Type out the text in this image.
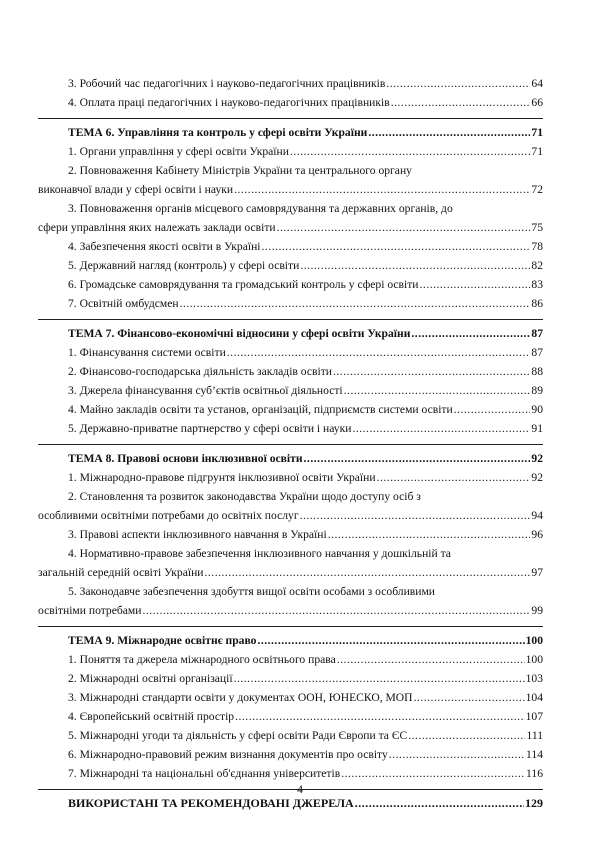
3. Робочий час педагогічних і науково-педагогічних працівників .....	64
4. Оплата праці педагогічних і науково-педагогічних працівників .....	66
ТЕМА 6. Управління та контроль у сфері освіти України .....	71
1. Органи управління у сфері освіти України .....	71
2. Повноваження Кабінету Міністрів України та центрального органу
виконавчої влади у сфері освіти і науки .....	72
3. Повноваження органів місцевого самоврядування та державних органів, до
сфери управління яких належать заклади освіти .....	75
4. Забезпечення якості освіти в Україні .....	78
5. Державний нагляд (контроль) у сфері освіти .....	82
6. Громадське самоврядування та громадський контроль у сфері освіти .....	83
7. Освітній омбудсмен .....	86
ТЕМА 7. Фінансово-економічні відносини у сфері освіти України .....	87
1. Фінансування системи освіти .....	87
2. Фінансово-господарська діяльність закладів освіти .....	88
3. Джерела фінансування суб’єктів освітньої діяльності .....	89
4. Майно закладів освіти та установ, організацій, підприємств системи освіти .....	90
5. Державно-приватне партнерство у сфері освіти і науки .....	91
ТЕМА 8. Правові основи інклюзивної освіти .....	92
1. Міжнародно-правове підгрунтя інклюзивної освіти України .....	92
2. Становлення та розвиток законодавства України щодо доступу осіб з
особливими освітніми потребами до освітніх послуг .....	94
3. Правові аспекти інклюзивного навчання в Україні .....	96
4. Нормативно-правове забезпечення інклюзивного навчання у дошкільній та
загальній середній освіті України .....	97
5. Законодавче забезпечення здобуття вищої освіти особами з особливими
освітніми потребами .....	99
ТЕМА 9. Міжнародне освітнє право .....	100
1. Поняття та джерела міжнародного освітнього права .....	100
2. Міжнародні освітні організації .....	103
3. Міжнародні стандарти освіти у документах ООН, ЮНЕСКО, МОП .....	104
4. Європейський освітній простір .....	107
5. Міжнародні угоди та діяльність у сфері освіти Ради Європи та ЄС .....	111
6. Міжнародно-правовий режим визнання документів про освіту .....	114
7. Міжнародні та національні об'єднання університетів .....	116
ВИКОРИСТАНІ ТА РЕКОМЕНДОВАНІ ДЖЕРЕЛА .....	129
4
